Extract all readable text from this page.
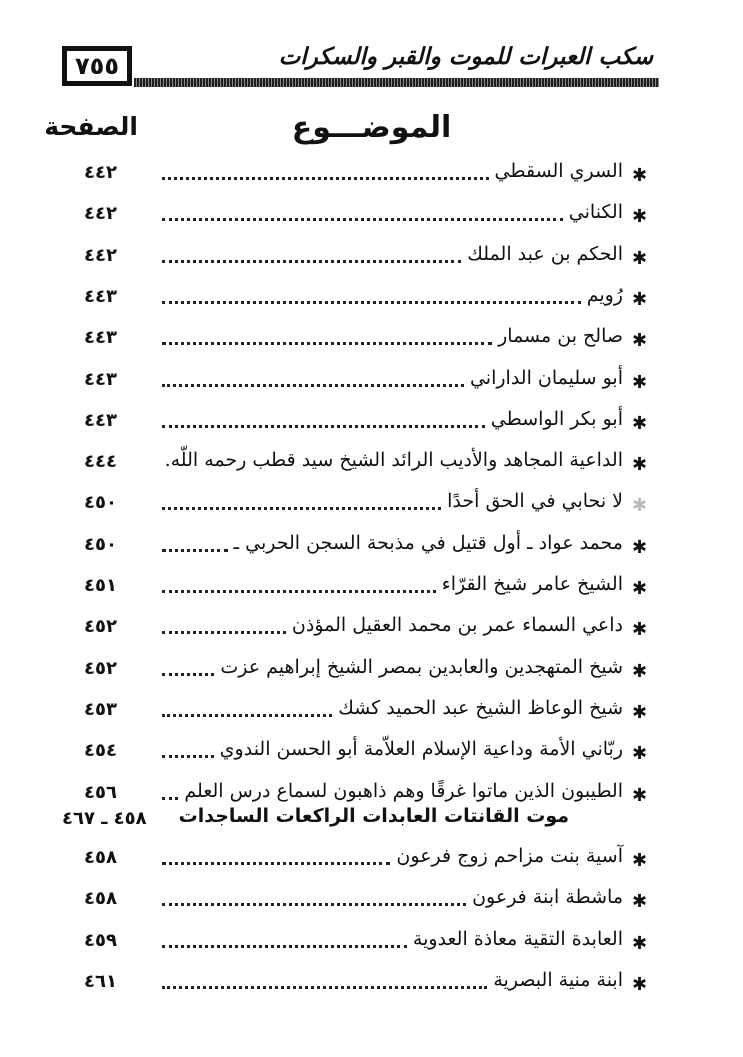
٧٥٥	سكب العبرات للموت والقبر والسكرات
الموضـــوع
الصفحة
✱
السري السقطي
٤٤٢
✱
الكناني
٤٤٢
✱
الحكم بن عبد الملك
٤٤٢
✱
رُويم
٤٤٣
✱
صالح بن مسمار
٤٤٣
✱
أبو سليمان الداراني
٤٤٣
✱
أبو بكر الواسطي
٤٤٣
✱
الداعية المجاهد والأديب الرائد الشيخ سيد قطب رحمه اللّه.
٤٤٤
✱
لا نحابي في الحق أحدًا
٤٥٠
✱
محمد عواد ـ أول قتيل في مذبحة السجن الحربي ـ
٤٥٠
✱
الشيخ عامر شيخ القرّاء
٤٥١
✱
داعي السماء عمر بن محمد العقيل المؤذن
٤٥٢
✱
شيخ المتهجدين والعابدين بمصر الشيخ إبراهيم عزت
٤٥٢
✱
شيخ الوعاظ الشيخ عبد الحميد كشك
٤٥٣
✱
ربّاني الأمة وداعية الإسلام العلاّمة أبو الحسن الندوي
٤٥٤
✱
الطيبون الذين ماتوا غرقًا وهم ذاهبون لسماع درس العلم
٤٥٦
موت القانتات العابدات الراكعات الساجدات
٤٥٨ ـ ٤٦٧
✱
آسية بنت مزاحم زوج فرعون
٤٥٨
✱
ماشطة ابنة فرعون
٤٥٨
✱
العابدة التقية معاذة العدوية
٤٥٩
✱
ابنة منية البصرية
٤٦١
